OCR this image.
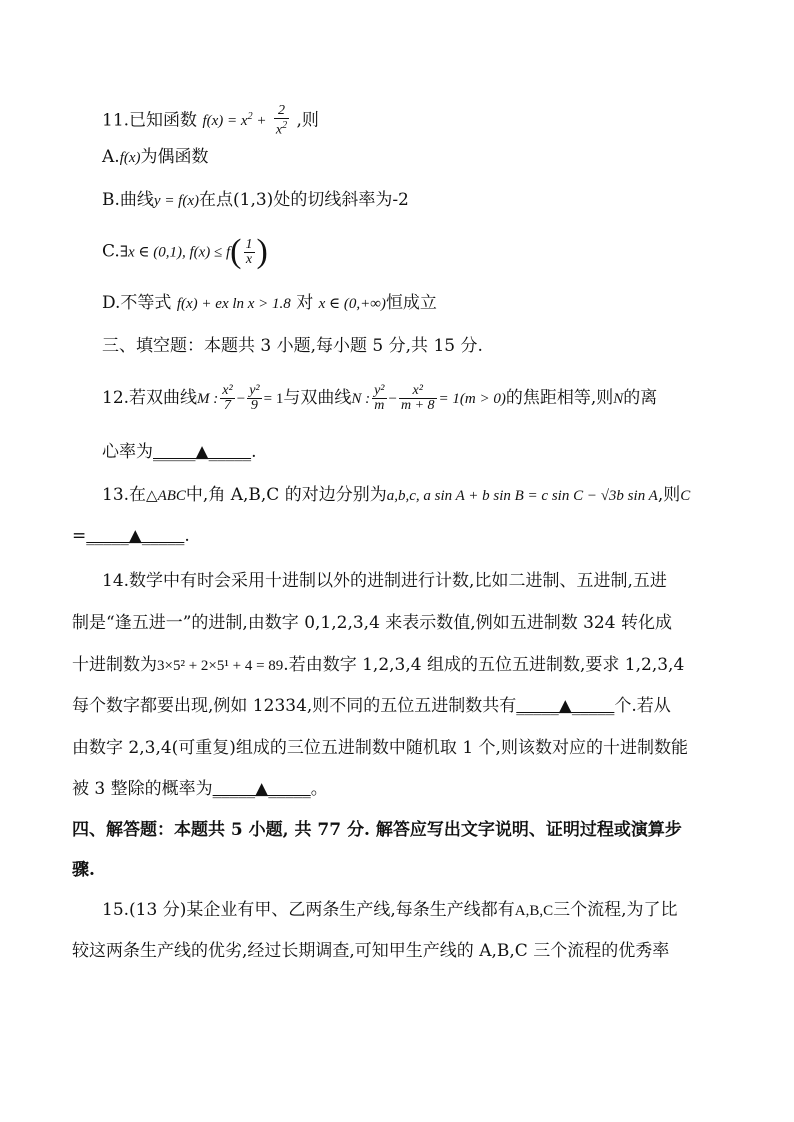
11.已知函数 $f(x) = x^2 + \frac{2}{x^2}$ ,则
A.f(x)为偶函数
B.曲线y = f(x)在点(1,3)处的切线斜率为-2
C.∃x ∈ (0,1), $f(x) \le f( \frac{1}{x}$ )
D.不等式 f(x) + ex ln x > 1.8 对 x ∈ (0,+∞)恒成立
三、填空题：本题共 3 小题,每小题 5 分,共 15 分.
12.若双曲线M : $\frac{\text{x²}}{7} - \frac{\text{y²}}{9} = 1$与双曲线N : $\frac{\text{y²}}{m} - \frac{\text{x²}}{m + 8} = 1(m > 0)$的焦距相等,则N的离
心率为_____▲_____.
13.在△ABC中,角 A,B,C 的对边分别为a,b,c, a sin A + b sin B = c sin C − √3b sin A,则C
=_____▲_____.
14.数学中有时会采用十进制以外的进制进行计数,比如二进制、五进制,五进
制是“逢五进一”的进制,由数字 0,1,2,3,4 来表示数值,例如五进制数 324 转化成
十进制数为3×5² + 2×5¹ + 4 = 89.若由数字 1,2,3,4 组成的五位五进制数,要求 1,2,3,4
每个数字都要出现,例如 12334,则不同的五位五进制数共有_____▲_____个.若从
由数字 2,3,4(可重复)组成的三位五进制数中随机取 1 个,则该数对应的十进制数能
被 3 整除的概率为_____▲_____。
四、解答题：本题共 5 小题, 共 77 分. 解答应写出文字说明、证明过程或演算步
骤.
15.(13 分)某企业有甲、乙两条生产线,每条生产线都有A,B,C三个流程,为了比
较这两条生产线的优劣,经过长期调查,可知甲生产线的 A,B,C 三个流程的优秀率
